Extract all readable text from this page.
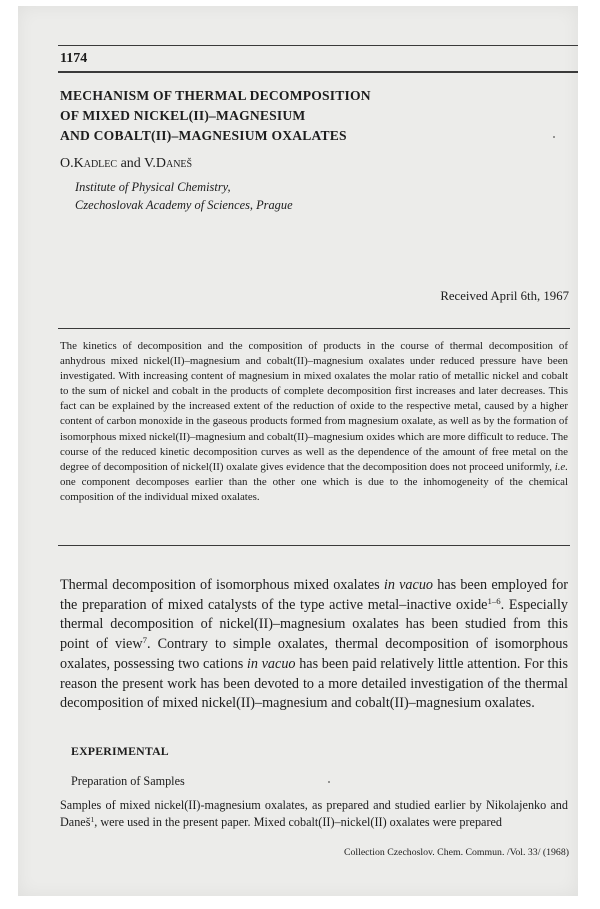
1174
MECHANISM OF THERMAL DECOMPOSITION
OF MIXED NICKEL(II)–MAGNESIUM
AND COBALT(II)–MAGNESIUM OXALATES
O.Kadlec and V.Daneš
Institute of Physical Chemistry,
Czechoslovak Academy of Sciences, Prague
Received April 6th, 1967

The kinetics of decomposition and the composition of products in the course of thermal decomposition of anhydrous mixed nickel(II)–magnesium and cobalt(II)–magnesium oxalates under reduced pressure have been investigated. With increasing content of magnesium in mixed oxalates the molar ratio of metallic nickel and cobalt to the sum of nickel and cobalt in the products of complete decomposition first increases and later decreases. This fact can be explained by the increased extent of the reduction of oxide to the respective metal, caused by a higher content of carbon monoxide in the gaseous products formed from magnesium oxalate, as well as by the formation of isomorphous mixed nickel(II)–magnesium and cobalt(II)–magnesium oxides which are more difficult to reduce. The course of the reduced kinetic decomposition curves as well as the dependence of the amount of free metal on the degree of decomposition of nickel(II) oxalate gives evidence that the decomposition does not proceed uniformly, i.e. one component decomposes earlier than the other one which is due to the inhomogeneity of the chemical composition of the individual mixed oxalates.

Thermal decomposition of isomorphous mixed oxalates in vacuo has been employed for the preparation of mixed catalysts of the type active metal–inactive oxide$^{1-6}$. Especially thermal decomposition of nickel(II)–magnesium oxalates has been studied from this point of view$^7$. Contrary to simple oxalates, thermal decomposition of isomorphous oxalates, possessing two cations in vacuo has been paid relatively little attention. For this reason the present work has been devoted to a more detailed investigation of the thermal decomposition of mixed nickel(II)–magnesium and cobalt(II)–magnesium oxalates.

EXPERIMENTAL
Preparation of Samples

Samples of mixed nickel(II)-magnesium oxalates, as prepared and studied earlier by Nikolajenko and Daneš$^1$, were used in the present paper. Mixed cobalt(II)–nickel(II) oxalates were prepared

Collection Czechoslov. Chem. Commun. /Vol. 33/ (1968)
